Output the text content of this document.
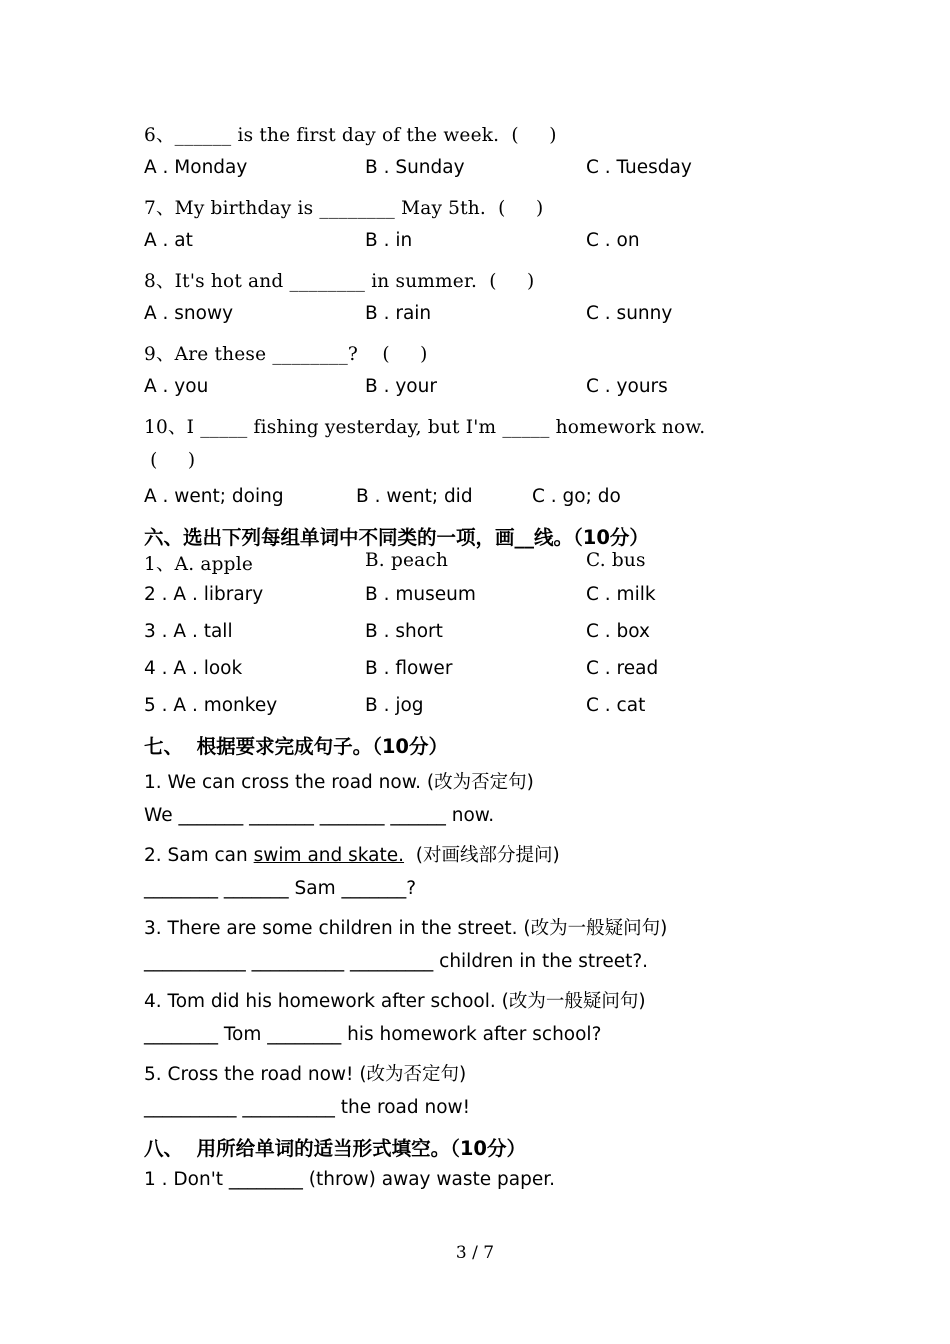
6、______ is the first day of the week.  (     )
A . Monday	B . Sunday	C . Tuesday
7、My birthday is ________ May 5th.  (     )
A . at	B . in	C . on
8、It's hot and ________ in summer.  (     )
A . snowy	B . rain	C . sunny
9、Are these ________?    (     )
A . you	B . your	C . yours
10、I _____ fishing yesterday, but I'm _____ homework now.
(     )
A . went; doing	B . went; did	C . go; do
六、选出下列每组单词中不同类的一项，画__线。（10分）
1、A. apple	B. peach	C. bus
2 . A . library	B . museum	C . milk
3 . A . tall	B . short	C . box
4 . A . look	B . flower	C . read
5 . A . monkey	B . jog	C . cat
七、  根据要求完成句子。（10分）
1. We can cross the road now. (改为否定句)
We _______ _______ _______ ______ now.
2. Sam can swim and skate.  (对画线部分提问)
________ _______ Sam _______?
3. There are some children in the street. (改为一般疑问句)
___________ __________ _________ children in the street?.
4. Tom did his homework after school. (改为一般疑问句)
________ Tom ________ his homework after school?
5. Cross the road now! (改为否定句)
__________ __________ the road now!
八、  用所给单词的适当形式填空。（10分）
1 . Don't ________ (throw) away waste paper.
3 / 7
